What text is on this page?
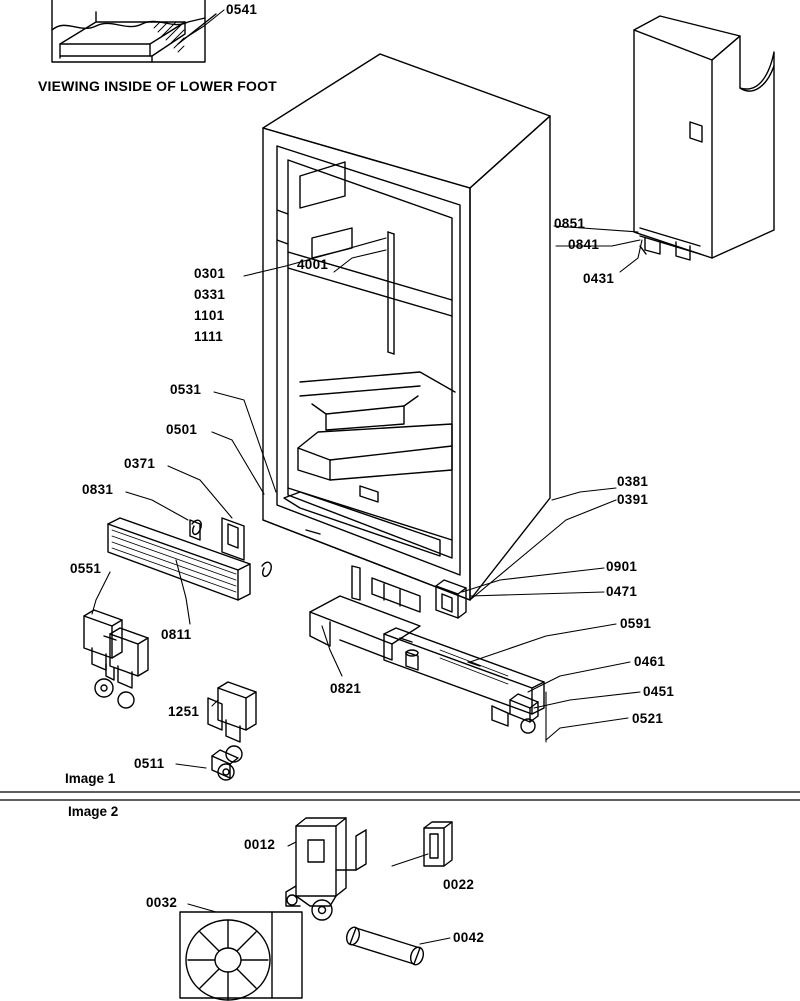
VIEWING INSIDE OF LOWER FOOT
0541
0301
0331
1101
1111
4001
0851
0841
0431
0531
0501
0371
0831
0551
0811
1251
0821
0511
0381
0391
0901
0471
0591
0461
0451
0521
Image 1
Image 2
0012
0022
0032
0042
